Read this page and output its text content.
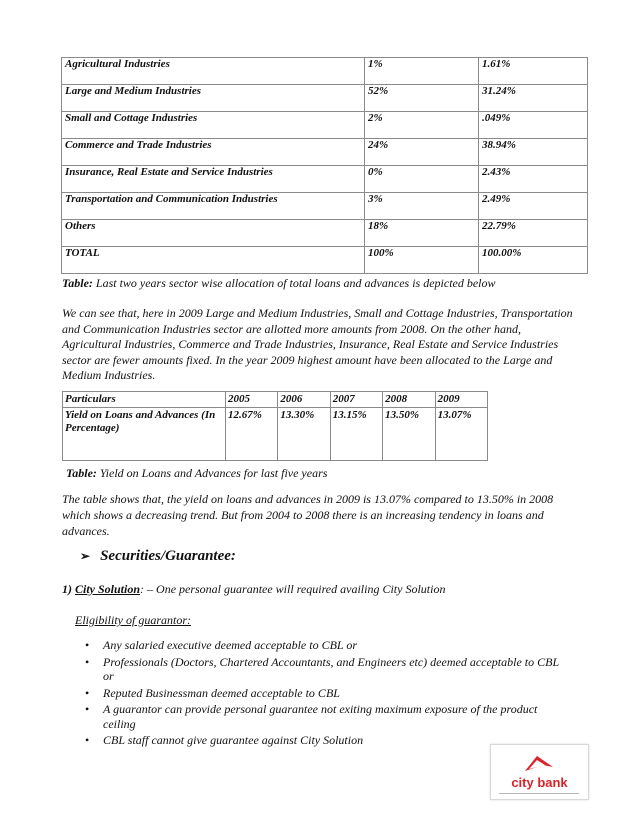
Agricultural Industries	1%	1.61%
Large and Medium Industries	52%	31.24%
Small and Cottage Industries	2%	.049%
Commerce and Trade Industries	24%	38.94%
Insurance, Real Estate and Service Industries	0%	2.43%
Transportation and Communication Industries	3%	2.49%
Others	18%	22.79%
TOTAL	100%	100.00%
Table: Last two years sector wise allocation of total loans and advances is depicted below
We can see that, here in 2009 Large and Medium Industries, Small and Cottage Industries, Transportation and Communication Industries sector are allotted more amounts from 2008. On the other hand, Agricultural Industries, Commerce and Trade Industries, Insurance, Real Estate and Service Industries sector are fewer amounts fixed. In the year 2009 highest amount have been allocated to the Large and Medium Industries.
Particulars	2005	2006	2007	2008	2009
Yield on Loans and Advances (In Percentage)	12.67%	13.30%	13.15%	13.50%	13.07%
Table: Yield on Loans and Advances for last five years
The table shows that, the yield on loans and advances in 2009 is 13.07% compared to 13.50% in 2008 which shows a decreasing trend. But from 2004 to 2008 there is an increasing tendency in loans and advances.
➢ Securities/Guarantee:
1) City Solution: – One personal guarantee will required availing City Solution
Eligibility of guarantor:
• Any salaried executive deemed acceptable to CBL or
• Professionals (Doctors, Chartered Accountants, and Engineers etc) deemed acceptable to CBL or
• Reputed Businessman deemed acceptable to CBL
• A guarantor can provide personal guarantee not exiting maximum exposure of the product ceiling
• CBL staff cannot give guarantee against City Solution
city bank
